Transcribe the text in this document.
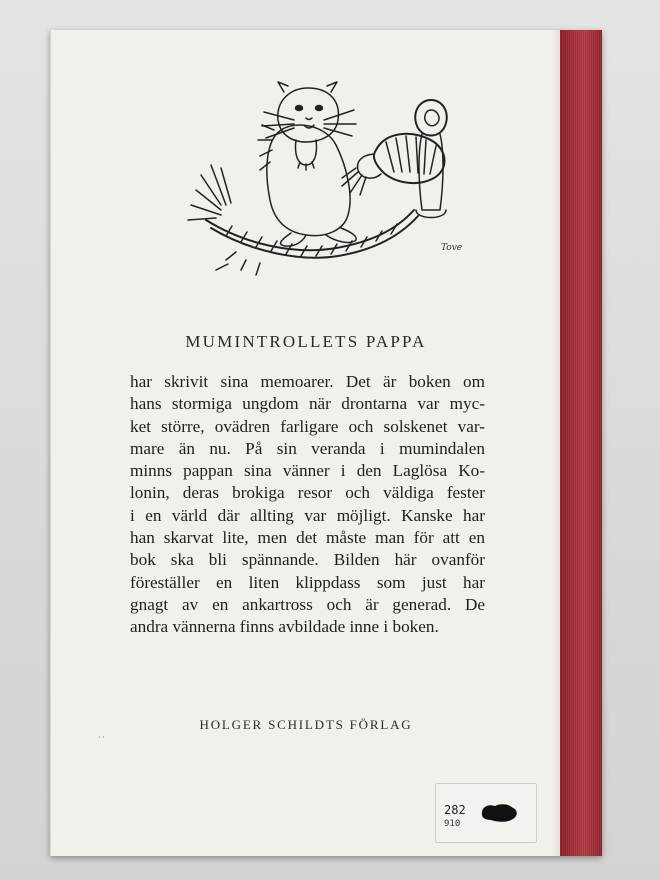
Tove
MUMINTROLLETS PAPPA

har skrivit sina memoarer. Det är boken om
hans stormiga ungdom när drontarna var myc-
ket större, ovädren farligare och solskenet var-
mare än nu. På sin veranda i mumindalen
minns pappan sina vänner i den Laglösa Ko-
lonin, deras brokiga resor och väldiga fester
i en värld där allting var möjligt. Kanske har
han skarvat lite, men det måste man för att en
bok ska bli spännande. Bilden här ovanför
föreställer en liten klippdass som just har
gnagt av en ankartross och är generad. De
andra vännerna finns avbildade inne i boken.

HOLGER SCHILDTS FÖRLAG
· ·
282
910
